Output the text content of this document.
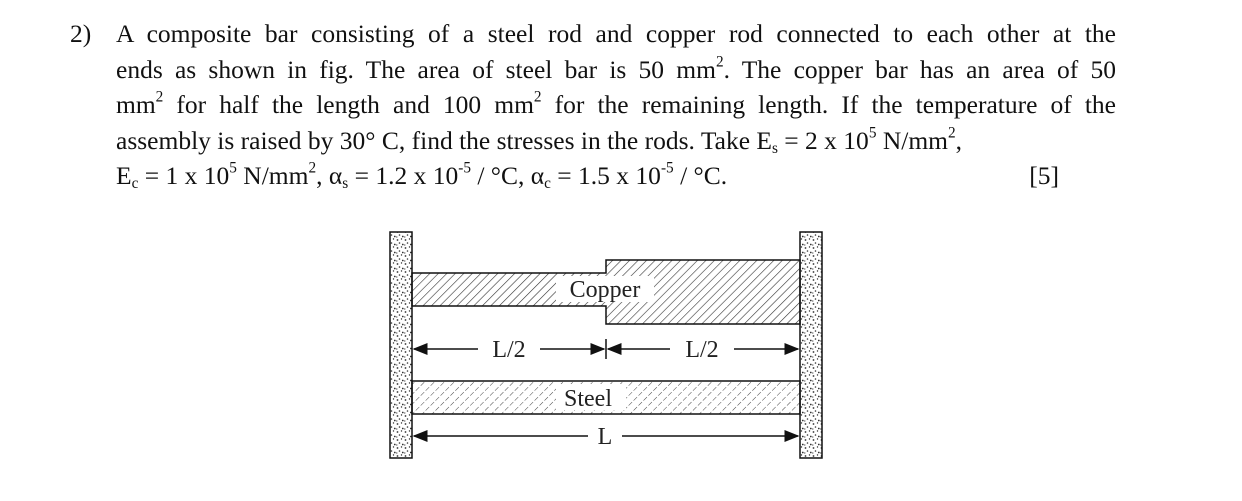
2) A composite bar consisting of a steel rod and copper rod connected to each other at the
ends as shown in fig. The area of steel bar is 50 $mm^2$. The copper bar has an area of 50
$mm^2$ for half the length and 100 $mm^2$ for the remaining length. If the temperature of the
assembly is raised by 30° C, find the stresses in the rods. Take $E_s = 2$ x $10^5$ $N/mm^2$,
$E_c = 1$ x $10^5$ $N/mm^2$, $\alpha_s = 1.2$ x $10^{-5} / ^\circ C$, $\alpha_c = 1.5$ x $10^{-5} / ^\circ C$.	[5]
Copper
Steel
L/2	L/2
L
